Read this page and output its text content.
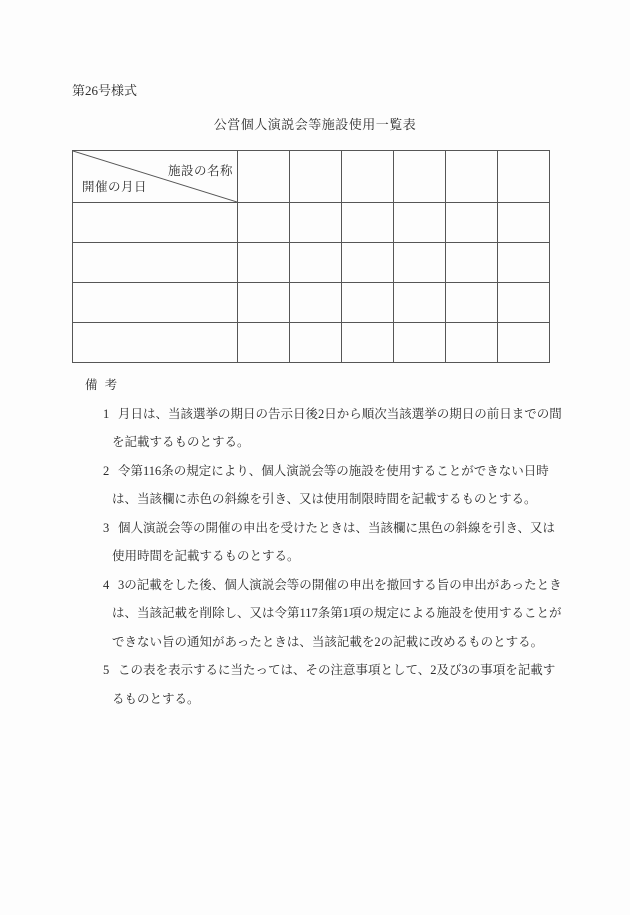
第26号様式
公営個人演説会等施設使用一覧表
施設の名称
開催の月日						

備 考
1 月日は、当該選挙の期日の告示日後2日から順次当該選挙の期日の前日までの間
を記載するものとする。
2 令第116条の規定により、個人演説会等の施設を使用することができない日時
は、当該欄に赤色の斜線を引き、又は使用制限時間を記載するものとする。
3 個人演説会等の開催の申出を受けたときは、当該欄に黒色の斜線を引き、又は
使用時間を記載するものとする。
4 3の記載をした後、個人演説会等の開催の申出を撤回する旨の申出があったとき
は、当該記載を削除し、又は令第117条第1項の規定による施設を使用することが
できない旨の通知があったときは、当該記載を2の記載に改めるものとする。
5 この表を表示するに当たっては、その注意事項として、2及び3の事項を記載す
るものとする。
